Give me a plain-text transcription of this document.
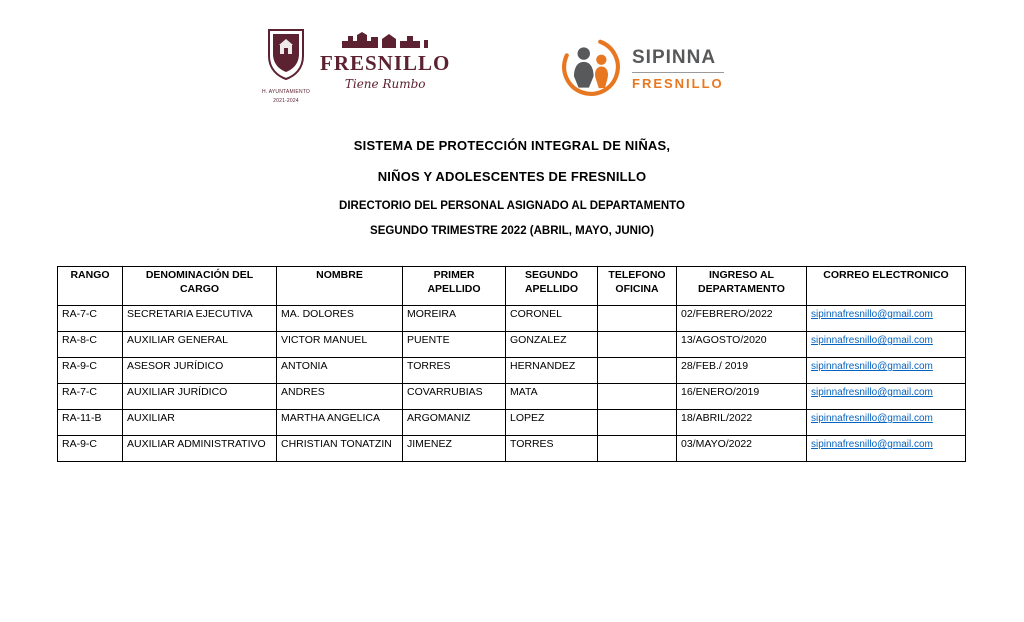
H. AYUNTAMIENTO
2021-2024
FRESNILLO
Tiene Rumbo
SIPINNA
FRESNILLO
SISTEMA DE PROTECCIÓN INTEGRAL DE NIÑAS,
NIÑOS Y ADOLESCENTES DE FRESNILLO
DIRECTORIO DEL PERSONAL ASIGNADO AL DEPARTAMENTO
SEGUNDO TRIMESTRE 2022 (ABRIL, MAYO, JUNIO)
RANGO	DENOMINACIÓN DEL CARGO	NOMBRE	PRIMER APELLIDO	SEGUNDO APELLIDO	TELEFONO OFICINA	INGRESO AL DEPARTAMENTO	CORREO ELECTRONICO
RA-7-C	SECRETARIA EJECUTIVA	MA. DOLORES	MOREIRA	CORONEL		02/FEBRERO/2022	sipinnafresnillo@gmail.com
RA-8-C	AUXILIAR GENERAL	VICTOR MANUEL	PUENTE	GONZALEZ		13/AGOSTO/2020	sipinnafresnillo@gmail.com
RA-9-C	ASESOR JURÍDICO	ANTONIA	TORRES	HERNANDEZ		28/FEB./ 2019	sipinnafresnillo@gmail.com
RA-7-C	AUXILIAR JURÍDICO	ANDRES	COVARRUBIAS	MATA		16/ENERO/2019	sipinnafresnillo@gmail.com
RA-11-B	AUXILIAR	MARTHA ANGELICA	ARGOMANIZ	LOPEZ		18/ABRIL/2022	sipinnafresnillo@gmail.com
RA-9-C	AUXILIAR ADMINISTRATIVO	CHRISTIAN TONATZIN	JIMENEZ	TORRES		03/MAYO/2022	sipinnafresnillo@gmail.com
